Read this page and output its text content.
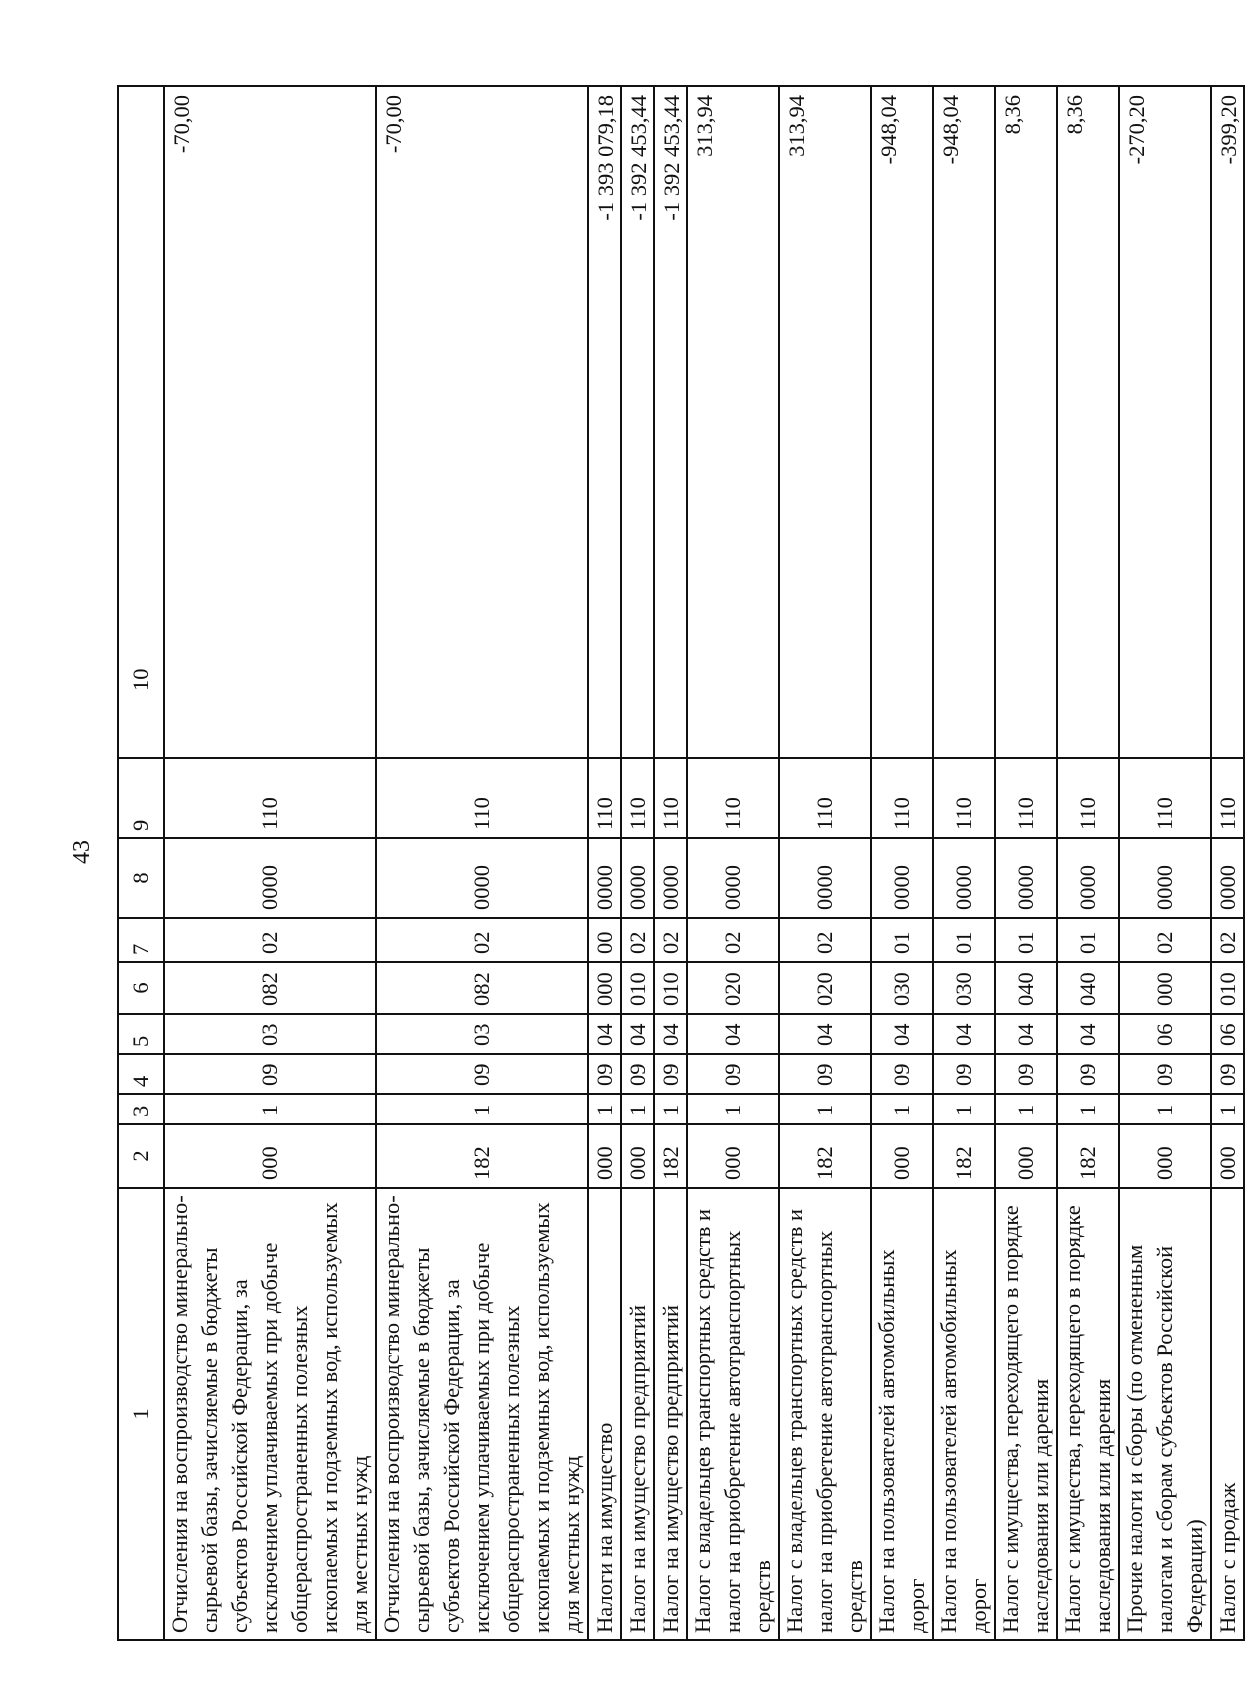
43
1	2	3	4	5	6	7	8	9	10
Отчисления на воспроизводство минерально-сырьевой базы, зачисляемые в бюджеты субъектов Российской Федерации, за исключением уплачиваемых при добыче общераспространенных полезных ископаемых и подземных вод, используемых для местных нужд	000	1	09	03	082	02	0000	110	-70,00
Отчисления на воспроизводство минерально-сырьевой базы, зачисляемые в бюджеты субъектов Российской Федерации, за исключением уплачиваемых при добыче общераспространенных полезных ископаемых и подземных вод, используемых для местных нужд	182	1	09	03	082	02	0000	110	-70,00
Налоги на имущество	000	1	09	04	000	00	0000	110	-1 393 079,18
Налог на имущество предприятий	000	1	09	04	010	02	0000	110	-1 392 453,44
Налог на имущество предприятий	182	1	09	04	010	02	0000	110	-1 392 453,44
Налог с владельцев транспортных средств и налог на приобретение автотранспортных средств	000	1	09	04	020	02	0000	110	313,94
Налог с владельцев транспортных средств и налог на приобретение автотранспортных средств	182	1	09	04	020	02	0000	110	313,94
Налог на пользователей автомобильных дорог	000	1	09	04	030	01	0000	110	-948,04
Налог на пользователей автомобильных дорог	182	1	09	04	030	01	0000	110	-948,04
Налог с имущества, переходящего в порядке наследования или дарения	000	1	09	04	040	01	0000	110	8,36
Налог с имущества, переходящего в порядке наследования или дарения	182	1	09	04	040	01	0000	110	8,36
Прочие налоги и сборы (по отмененным налогам и сборам субъектов Российской Федерации)	000	1	09	06	000	02	0000	110	-270,20
Налог с продаж	000	1	09	06	010	02	0000	110	-399,20
